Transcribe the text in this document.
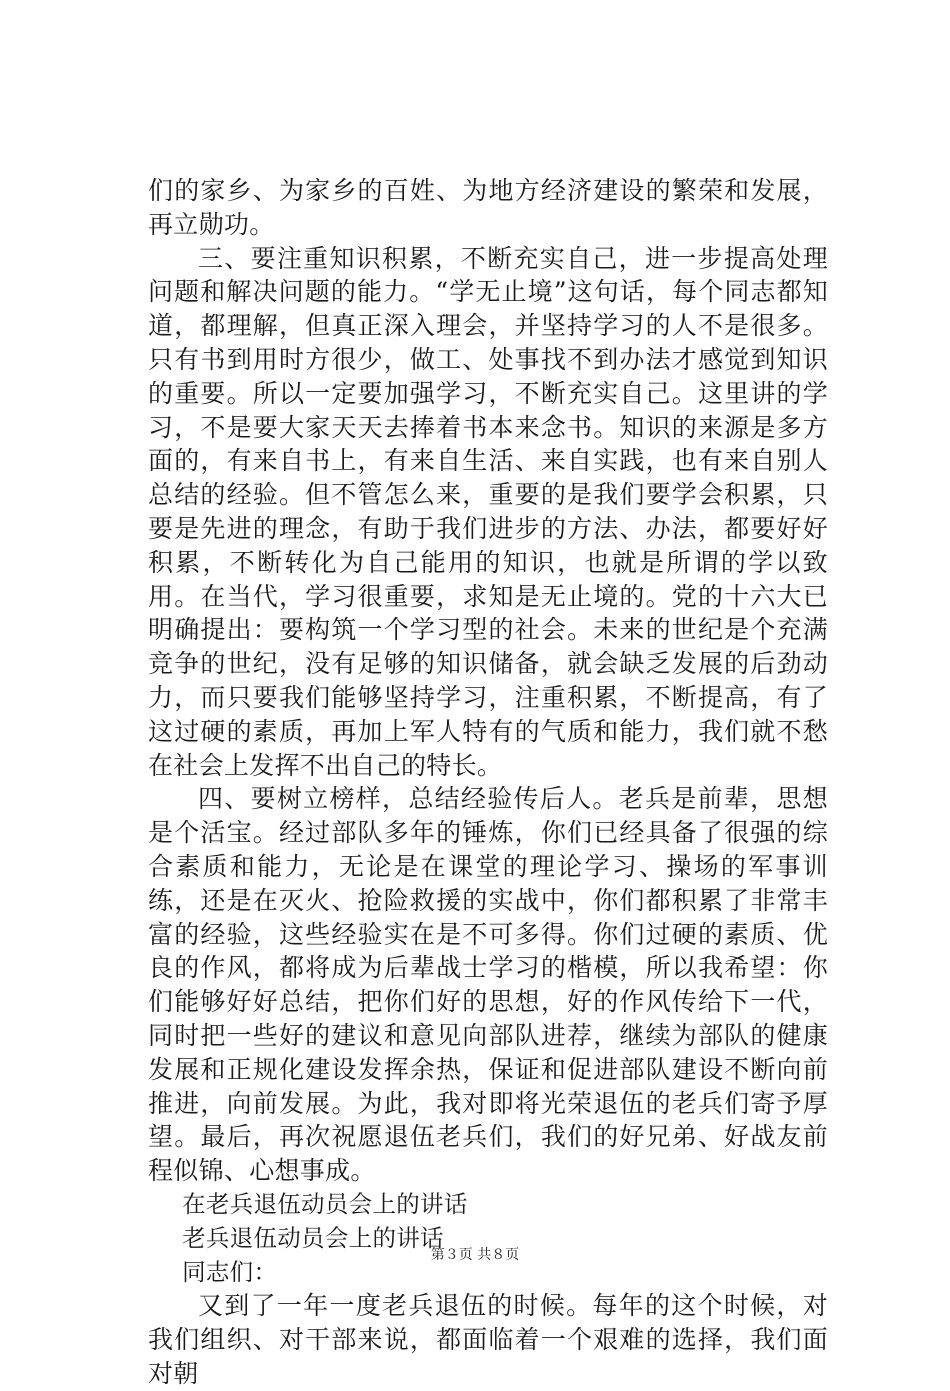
们的家乡、为家乡的百姓、为地方经济建设的繁荣和发展，再立勋功。

三、要注重知识积累，不断充实自己，进一步提高处理问题和解决问题的能力。“学无止境”这句话，每个同志都知道，都理解，但真正深入理会，并坚持学习的人不是很多。只有书到用时方很少，做工、处事找不到办法才感觉到知识的重要。所以一定要加强学习，不断充实自己。这里讲的学习，不是要大家天天去捧着书本来念书。知识的来源是多方面的，有来自书上，有来自生活、来自实践，也有来自别人总结的经验。但不管怎么来，重要的是我们要学会积累，只要是先进的理念，有助于我们进步的方法、办法，都要好好积累，不断转化为自己能用的知识，也就是所谓的学以致用。在当代，学习很重要，求知是无止境的。党的十六大已明确提出：要构筑一个学习型的社会。未来的世纪是个充满竞争的世纪，没有足够的知识储备，就会缺乏发展的后劲动力，而只要我们能够坚持学习，注重积累，不断提高，有了这过硬的素质，再加上军人特有的气质和能力，我们就不愁在社会上发挥不出自己的特长。

四、要树立榜样，总结经验传后人。老兵是前辈，思想是个活宝。经过部队多年的锤炼，你们已经具备了很强的综合素质和能力，无论是在课堂的理论学习、操场的军事训练，还是在灭火、抢险救援的实战中，你们都积累了非常丰富的经验，这些经验实在是不可多得。你们过硬的素质、优良的作风，都将成为后辈战士学习的楷模，所以我希望：你们能够好好总结，把你们好的思想，好的作风传给下一代，同时把一些好的建议和意见向部队进荐，继续为部队的健康发展和正规化建设发挥余热，保证和促进部队建设不断向前推进，向前发展。为此，我对即将光荣退伍的老兵们寄予厚望。最后，再次祝愿退伍老兵们，我们的好兄弟、好战友前程似锦、心想事成。

在老兵退伍动员会上的讲话

老兵退伍动员会上的讲话

同志们：

又到了一年一度老兵退伍的时候。每年的这个时候，对我们组织、对干部来说，都面临着一个艰难的选择，我们面对朝

第３页 共８页
